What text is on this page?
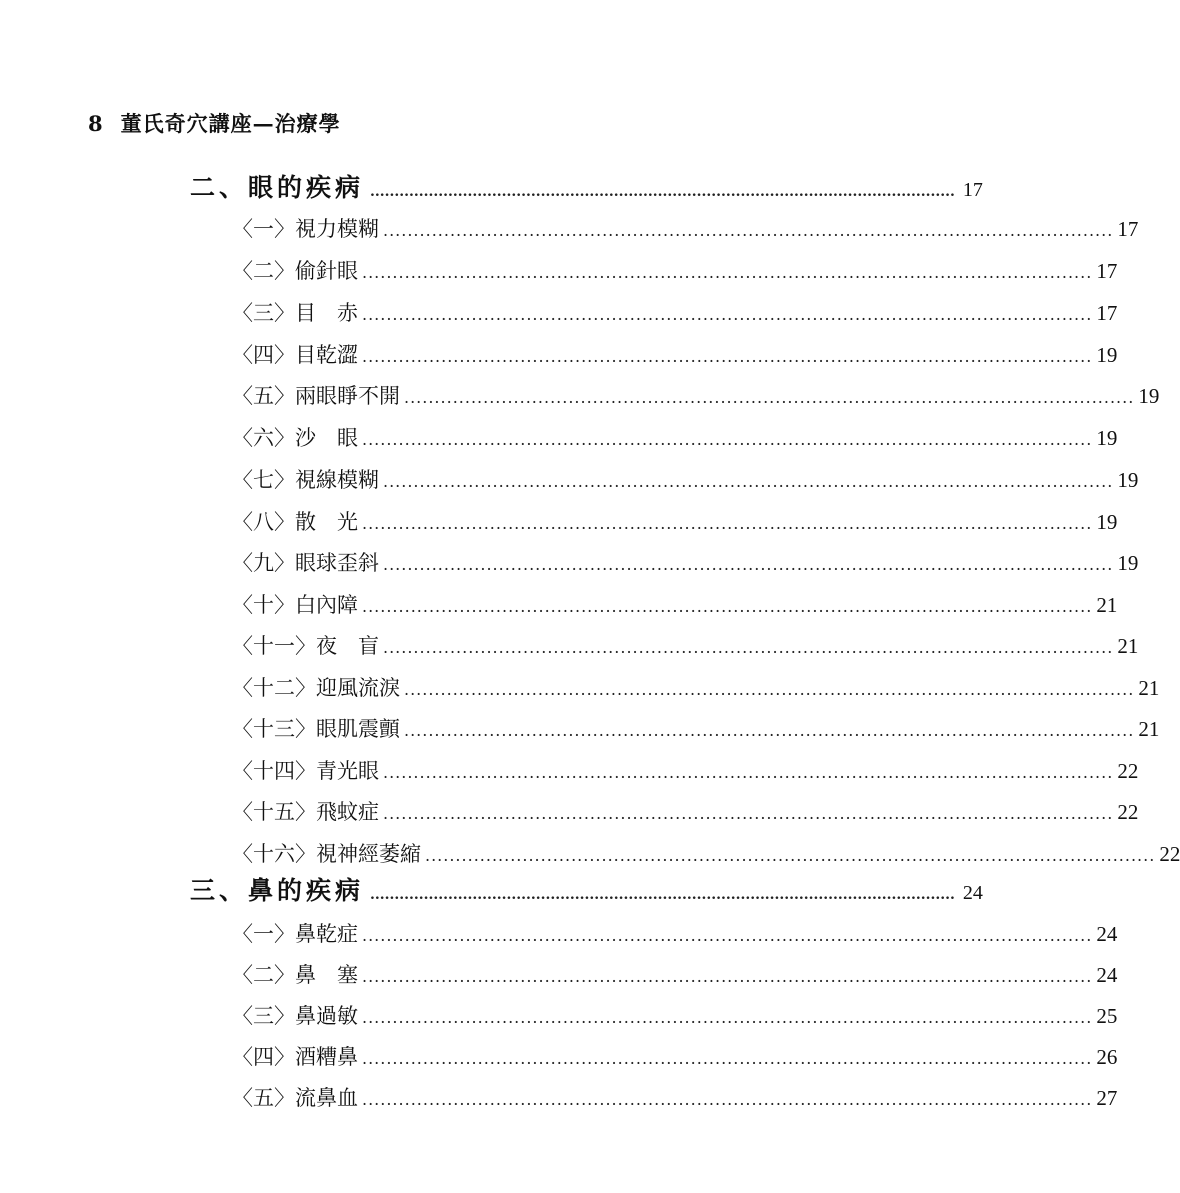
8 董氏奇穴講座—治療學
二、眼的疾病 ........................................................................................................................ 17
〈一〉視力模糊 ........................................................................................................................ 17
〈二〉偷針眼 ........................................................................................................................ 17
〈三〉目　赤 ........................................................................................................................ 17
〈四〉目乾澀 ........................................................................................................................ 19
〈五〉兩眼睜不開 ........................................................................................................................ 19
〈六〉沙　眼 ........................................................................................................................ 19
〈七〉視線模糊 ........................................................................................................................ 19
〈八〉散　光 ........................................................................................................................ 19
〈九〉眼球歪斜 ........................................................................................................................ 19
〈十〉白內障 ........................................................................................................................ 21
〈十一〉夜　盲 ........................................................................................................................ 21
〈十二〉迎風流淚 ........................................................................................................................ 21
〈十三〉眼肌震顫 ........................................................................................................................ 21
〈十四〉青光眼 ........................................................................................................................ 22
〈十五〉飛蚊症 ........................................................................................................................ 22
〈十六〉視神經萎縮 ........................................................................................................................ 22
三、鼻的疾病 ........................................................................................................................ 24
〈一〉鼻乾症 ........................................................................................................................ 24
〈二〉鼻　塞 ........................................................................................................................ 24
〈三〉鼻過敏 ........................................................................................................................ 25
〈四〉酒糟鼻 ........................................................................................................................ 26
〈五〉流鼻血 ........................................................................................................................ 27
